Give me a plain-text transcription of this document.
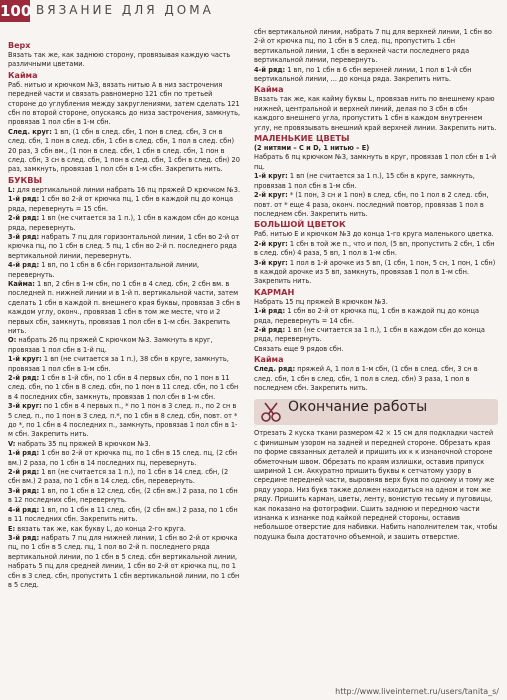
100 ВЯЗАНИЕ ДЛЯ ДОМА

Верх

Вязать так же, как заднюю сторону, провязывая каждую часть различными цветами.

Кайма

Раб. нитью и крючком №3, вязать нитью А в низ застрочения передней части и связать равномерно 121 сбн по третьей стороне до углубления между закруглениями, затем сделать 121 сбн по второй стороне, опускаясь до низа застрочения, замкнуть, провязав 1 пол сбн в 1-м сбн.

След. круг: 1 вп, (1 сбн в след. сбн, 1 пон в след. сбн, 3 сн в след. сбн, 1 пон в след. сбн, 1 сбн в след. сбн, 1 пол в след. сбн) 20 раз, 3 сбн вм., (1 пон в след. сбн, 1 сбн в след. сбн, 1 пон в след. сбн, 3 сн в след. сбн, 1 пон в след. сбн, 1 сбн в след. сбн) 20 раз, замкнуть, провязав 1 пол сбн в 1-м сбн. Закрепить нить.

БУКВЫ

L: для вертикальной линии набрать 16 пц пряжей D крючком №3.

1-й ряд: 1 сбн во 2-й от крючка пц, 1 сбн в каждой пц до конца ряда, перевернуть = 15 сбн.

2-й ряд: 1 вп (не считается за 1 п.), 1 сбн в каждом сбн до конца ряда, перевернуть.

3-й ряд: набрать 7 пц для горизонтальной линии, 1 сбн во 2-й от крючка пц, по 1 сбн в след. 5 пц, 1 сбн во 2-й п. последнего ряда вертикальной линии, перевернуть.

4-й ряд: 1 вп, по 1 сбн в 6 сбн горизонтальной линии, перевернуть.

Кайма: 1 вп, 2 сбн в 1-м сбн, по 1 сбн в 4 след. сбн, 2 сбн вм. в последней п. нижней линии и в 1-й п. вертикальной части, затем сделать 1 сбн в каждой п. внешнего края буквы, провязав 3 сбн в каждом углу, оконч., провязав 1 сбн в том же месте, что и 2 первых сбн, замкнуть, провязав 1 пол сбн в 1-м сбн. Закрепить нить.

О: набрать 26 пц пряжей C крючком №3. Замкнуть в круг, провязав 1 пол сбн в 1-й пц.

1-й круг: 1 вп (не считается за 1 п.), 38 сбн в круге, замкнуть, провязав 1 пол сбн в 1-м сбн.

2-й ряд: 1 сбн в 1-й сбн, по 1 сбн в 4 первых сбн, по 1 пон в 11 след. сбн, по 1 сбн в 8 след. сбн, по 1 пон в 11 след. сбн, по 1 сбн в 4 последних сбн, замкнуть, провязав 1 пол сбн в 1-м сбн.

3-й круг: по 1 сбн в 4 первых п., * по 1 пон в 3 след. п., по 2 сн в 5 след. п., по 1 пон в 3 след. п.*, по 1 сбн в 8 след. сбн, повт. от * до *, по 1 сбн в 4 последних п., замкнуть, провязав 1 пол сбн в 1-м сбн. Закрепить нить.

V: набрать 35 пц пряжей B крючком №3.

1-й ряд: 1 сбн во 2-й от крючка пц, по 1 сбн в 15 след. пц, (2 сбн вм.) 2 раза, по 1 сбн в 14 последних пц, перевернуть.

2-й ряд: 1 вп (не считается за 1 п.), по 1 сбн в 14 след. сбн, (2 сбн вм.) 2 раза, по 1 сбн в 14 след. сбн, перевернуть.

3-й ряд: 1 вп, по 1 сбн в 12 след. сбн, (2 сбн вм.) 2 раза, по 1 сбн в 12 последних сбн, перевернуть.

4-й ряд: 1 вп, по 1 сбн в 11 след. сбн, (2 сбн вм.) 2 раза, по 1 сбн в 11 последних сбн. Закрепить нить.

Е: вязать так же, как букву L, до конца 2-го круга.

3-й ряд: набрать 7 пц для нижней линии, 1 сбн во 2-й от крючка пц, по 1 сбн в 5 след. пц, 1 пол во 2-й п. последнего ряда вертикальной линии, по 1 сбн в 5 след. сбн вертикальной линии, набрать 5 пц для средней линии, 1 сбн во 2-й от крючка пц, по 1 сбн в 3 след. сбн, пропустить 1 сбн вертикальной линии, по 1 сбн в 5 след.

сбн вертикальной линии, набрать 7 пц для верхней линии, 1 сбн во 2-й от крючка пц, по 1 сбн в 5 след. пц, пропустить 1 сбн вертикальной линии, 1 сбн в верхней части последнего ряда вертикальной линии, перевернуть.

4-й ряд: 1 вп, по 1 сбн в 6 сбн верхней линии, 1 пол в 1-й сбн вертикальной линии, ... до конца ряда. Закрепить нить.

Кайма

Вязать так же, как кайму буквы L, провязав нить по внешнему краю нижней, центральной и верхней линий, делая по 3 сбн в сбн каждого внешнего угла, пропустить 1 сбн в каждом внутреннем углу, не провязывать внешний край верхней линии. Закрепить нить.

МАЛЕНЬКИЕ ЦВЕТЫ

(2 нитями – C и D, 1 нитью – E)

Набрать 6 пц крючком №3, замкнуть в круг, провязав 1 пол сбн в 1-й пц.

1-й круг: 1 вп (не считается за 1 п.), 15 сбн в круге, замкнуть, провязав 1 пол сбн в 1-м сбн.

2-й круг: * (1 пон, 3 сн и 1 пон) в след. сбн, по 1 пол в 2 след. сбн, повт. от * еще 4 раза, оконч. последний повтор, провязав 1 пол в последнем сбн. Закрепить нить.

БОЛЬШОЙ ЦВЕТОК

Раб. нитью E и крючком №3 до конца 1-го круга маленького цветка.

2-й круг: 1 сбн в той же п., что и пол, (5 вп, пропустить 2 сбн, 1 сбн в след. сбн) 4 раза, 5 вп, 1 пол в 1-м сбн.

3-й круг: 1 пол в 1-й арочке из 5 вп, (1 сбн, 1 пон, 5 сн, 1 пон, 1 сбн) в каждой арочке из 5 вп, замкнуть, провязав 1 пол в 1-м сбн. Закрепить нить.

КАРМАН

Набрать 15 пц пряжей B крючком №3.

1-й ряд: 1 сбн во 2-й от крючка пц, 1 сбн в каждой пц до конца ряда, перевернуть = 14 сбн.

2-й ряд: 1 вп (не считается за 1 п.), 1 сбн в каждом сбн до конца ряда, перевернуть.

Связать еще 9 рядов сбн.

Кайма

След. ряд: пряжей A, 1 пол в 1-м сбн, (1 сбн в след. сбн, 3 сн в след. сбн, 1 сбн в след. сбн, 1 пол в след. сбн) 3 раза, 1 пол в последнем сбн. Закрепить нить.

Окончание работы

Отрезать 2 куска ткани размером 42 × 15 см для подкладки частей с финишным узором на задней и передней стороне. Обрезать края по форме связанных деталей и пришить их к к изнаночной стороне обметочным швом. Обрезать по краям излишки, оставив припуск шириной 1 см. Аккуратно пришить буквы к сетчатому узору в середине передней части, выровняв верх букв по одному и тому же ряду узора. Низ букв также должен находиться на одном и том же ряду. Пришить карман, цветы, ленту, вонистую тесьму и пуговицы, как показано на фотографии. Сшить заднюю и переднюю части изнанка к изнанке под кайкой передней стороны, оставив небольшое отверстие для набивки. Набить наполнителем так, чтобы подушка была достаточно объемной, и зашить отверстие.

http://www.liveinternet.ru/users/tanita_s/
